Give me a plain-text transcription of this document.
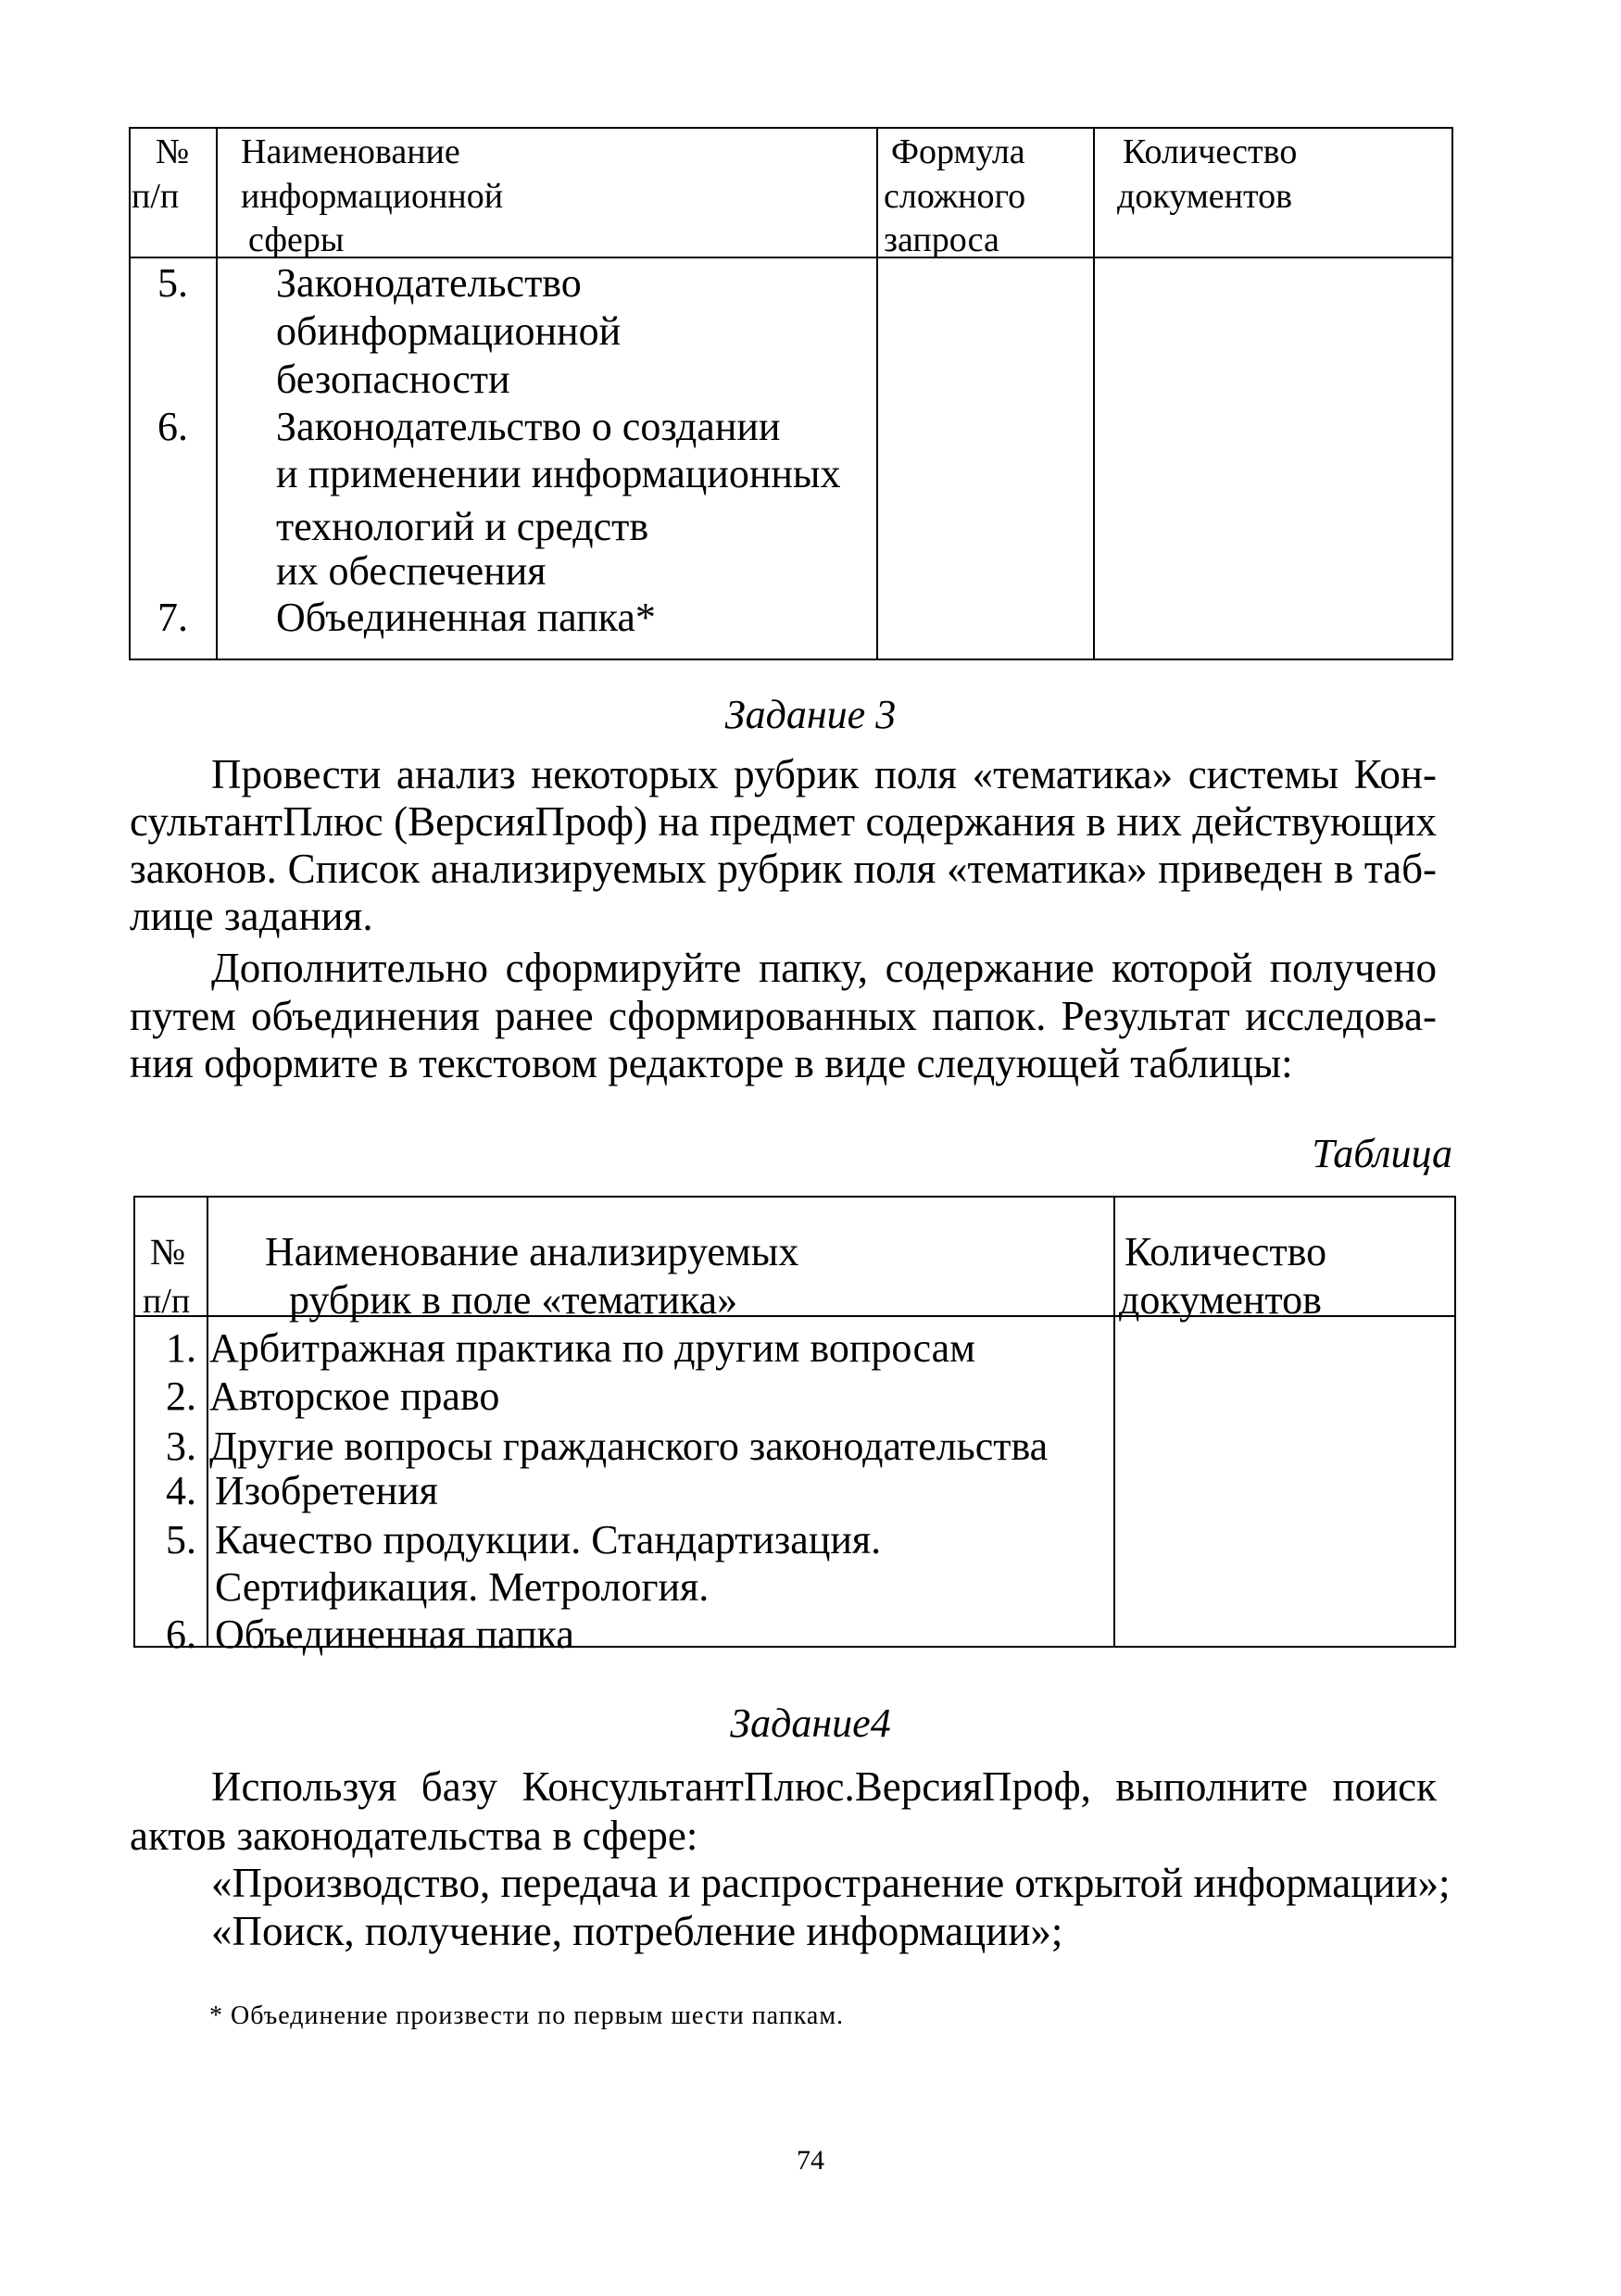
№
п/п
Наименование
информационной
сферы
Формула
сложного
запроса
Количество
документов
5. Законодательство
обинформационной
безопасности
6. Законодательство о создании
и применении информационных
технологий и средств
их обеспечения
7. Объединенная папка*
Задание 3
Провести анализ некоторых рубрик поля «тематика» системы Кон-
сультантПлюс (ВерсияПроф) на предмет содержания в них действующих
законов. Список анализируемых рубрик поля «тематика» приведен в таб-
лице задания.
Дополнительно сформируйте папку, содержание которой получено
путем объединения ранее сформированных папок. Результат исследова-
ния оформите в текстовом редакторе в виде следующей таблицы:
Таблица
№
п/п
Наименование анализируемых
рубрик в поле «тематика»
Количество
документов
1. Арбитражная практика по другим вопросам
2. Авторское право
3. Другие вопросы гражданского законодательства
4. Изобретения
5. Качество продукции. Стандартизация.
Сертификация. Метрология.
6. Объединенная папка
Задание4
Используя базу КонсультантПлюс.ВерсияПроф, выполните поиск
актов законодательства в сфере:
«Производство, передача и распространение открытой информации»;
«Поиск, получение, потребление информации»;
* Объединение произвести по первым шести папкам.
74
